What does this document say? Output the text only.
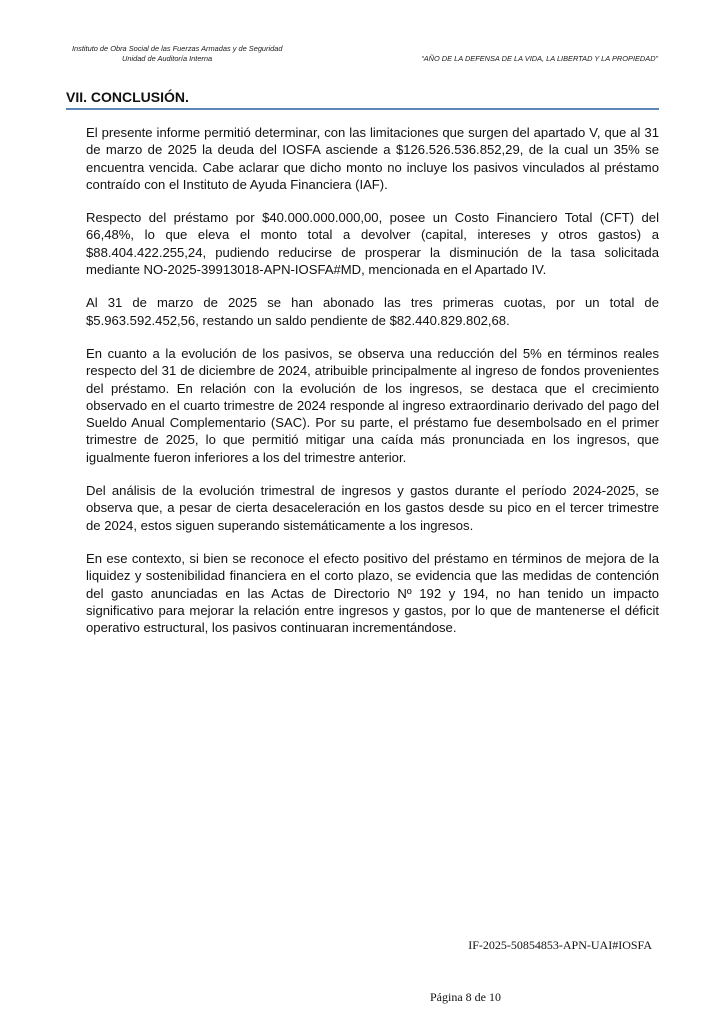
Instituto de Obra Social de las Fuerzas Armadas y de Seguridad
Unidad de Auditoría Interna	“AÑO DE LA DEFENSA DE LA VIDA, LA LIBERTAD Y LA PROPIEDAD”
VII. CONCLUSIÓN.

El presente informe permitió determinar, con las limitaciones que surgen del apartado V, que al 31 de marzo de 2025 la deuda del IOSFA asciende a $126.526.536.852,29, de la cual un 35% se encuentra vencida. Cabe aclarar que dicho monto no incluye los pasivos vinculados al préstamo contraído con el Instituto de Ayuda Financiera (IAF).

Respecto del préstamo por $40.000.000.000,00, posee un Costo Financiero Total (CFT) del 66,48%, lo que eleva el monto total a devolver (capital, intereses y otros gastos) a $88.404.422.255,24, pudiendo reducirse de prosperar la disminución de la tasa solicitada mediante NO-2025-39913018-APN-IOSFA#MD, mencionada en el Apartado IV.

Al 31 de marzo de 2025 se han abonado las tres primeras cuotas, por un total de $5.963.592.452,56, restando un saldo pendiente de $82.440.829.802,68.

En cuanto a la evolución de los pasivos, se observa una reducción del 5% en términos reales respecto del 31 de diciembre de 2024, atribuible principalmente al ingreso de fondos provenientes del préstamo. En relación con la evolución de los ingresos, se destaca que el crecimiento observado en el cuarto trimestre de 2024 responde al ingreso extraordinario derivado del pago del Sueldo Anual Complementario (SAC). Por su parte, el préstamo fue desembolsado en el primer trimestre de 2025, lo que permitió mitigar una caída más pronunciada en los ingresos, que igualmente fueron inferiores a los del trimestre anterior.

Del análisis de la evolución trimestral de ingresos y gastos durante el período 2024-2025, se observa que, a pesar de cierta desaceleración en los gastos desde su pico en el tercer trimestre de 2024, estos siguen superando sistemáticamente a los ingresos.

En ese contexto, si bien se reconoce el efecto positivo del préstamo en términos de mejora de la liquidez y sostenibilidad financiera en el corto plazo, se evidencia que las medidas de contención del gasto anunciadas en las Actas de Directorio Nº 192 y 194, no han tenido un impacto significativo para mejorar la relación entre ingresos y gastos, por lo que de mantenerse el déficit operativo estructural, los pasivos continuaran incrementándose.

IF-2025-50854853-APN-UAI#IOSFA
Página 8 de 10
